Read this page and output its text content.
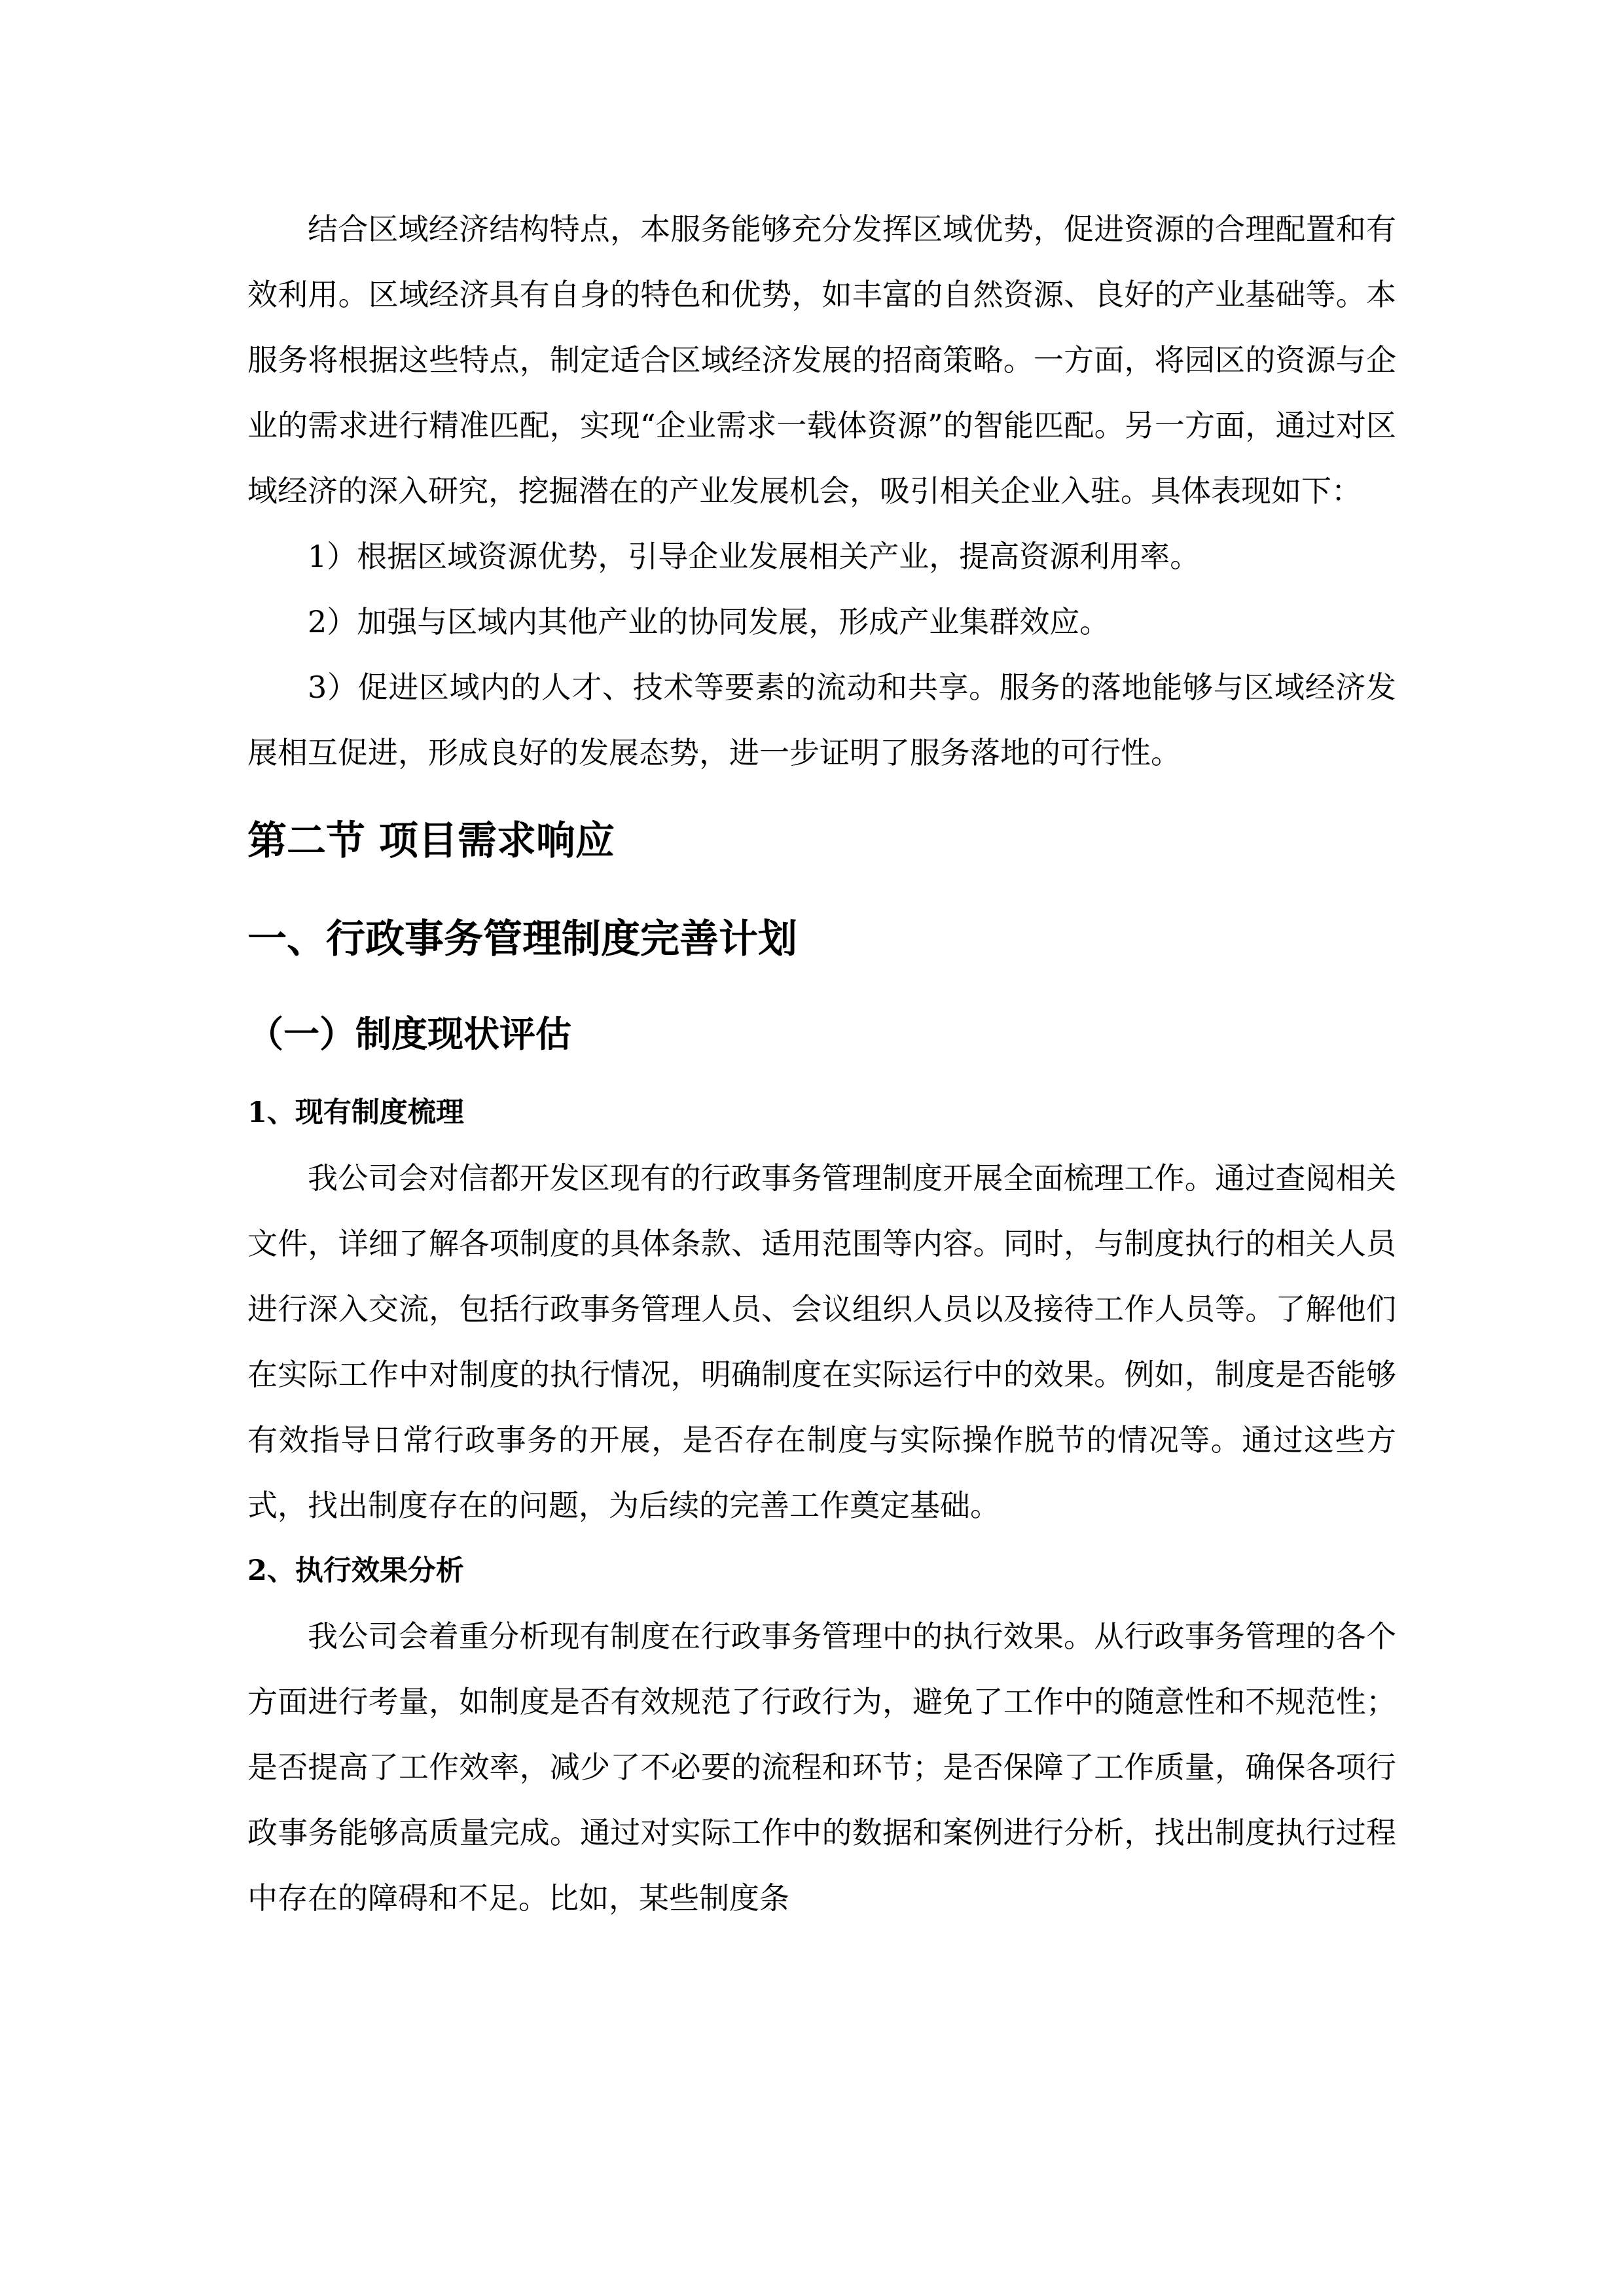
结合区域经济结构特点，本服务能够充分发挥区域优势，促进资源的合理配置和有效利用。区域经济具有自身的特色和优势，如丰富的自然资源、良好的产业基础等。本服务将根据这些特点，制定适合区域经济发展的招商策略。一方面，将园区的资源与企业的需求进行精准匹配，实现“企业需求一载体资源”的智能匹配。另一方面，通过对区域经济的深入研究，挖掘潜在的产业发展机会，吸引相关企业入驻。具体表现如下：

1）根据区域资源优势，引导企业发展相关产业，提高资源利用率。

2）加强与区域内其他产业的协同发展，形成产业集群效应。

3）促进区域内的人才、技术等要素的流动和共享。服务的落地能够与区域经济发展相互促进，形成良好的发展态势，进一步证明了服务落地的可行性。

第二节 项目需求响应
一、行政事务管理制度完善计划
（一）制度现状评估
1、现有制度梳理

我公司会对信都开发区现有的行政事务管理制度开展全面梳理工作。通过查阅相关文件，详细了解各项制度的具体条款、适用范围等内容。同时，与制度执行的相关人员进行深入交流，包括行政事务管理人员、会议组织人员以及接待工作人员等。了解他们在实际工作中对制度的执行情况，明确制度在实际运行中的效果。例如，制度是否能够有效指导日常行政事务的开展，是否存在制度与实际操作脱节的情况等。通过这些方式，找出制度存在的问题，为后续的完善工作奠定基础。

2、执行效果分析

我公司会着重分析现有制度在行政事务管理中的执行效果。从行政事务管理的各个方面进行考量，如制度是否有效规范了行政行为，避免了工作中的随意性和不规范性；是否提高了工作效率，减少了不必要的流程和环节；是否保障了工作质量，确保各项行政事务能够高质量完成。通过对实际工作中的数据和案例进行分析，找出制度执行过程中存在的障碍和不足。比如，某些制度条
